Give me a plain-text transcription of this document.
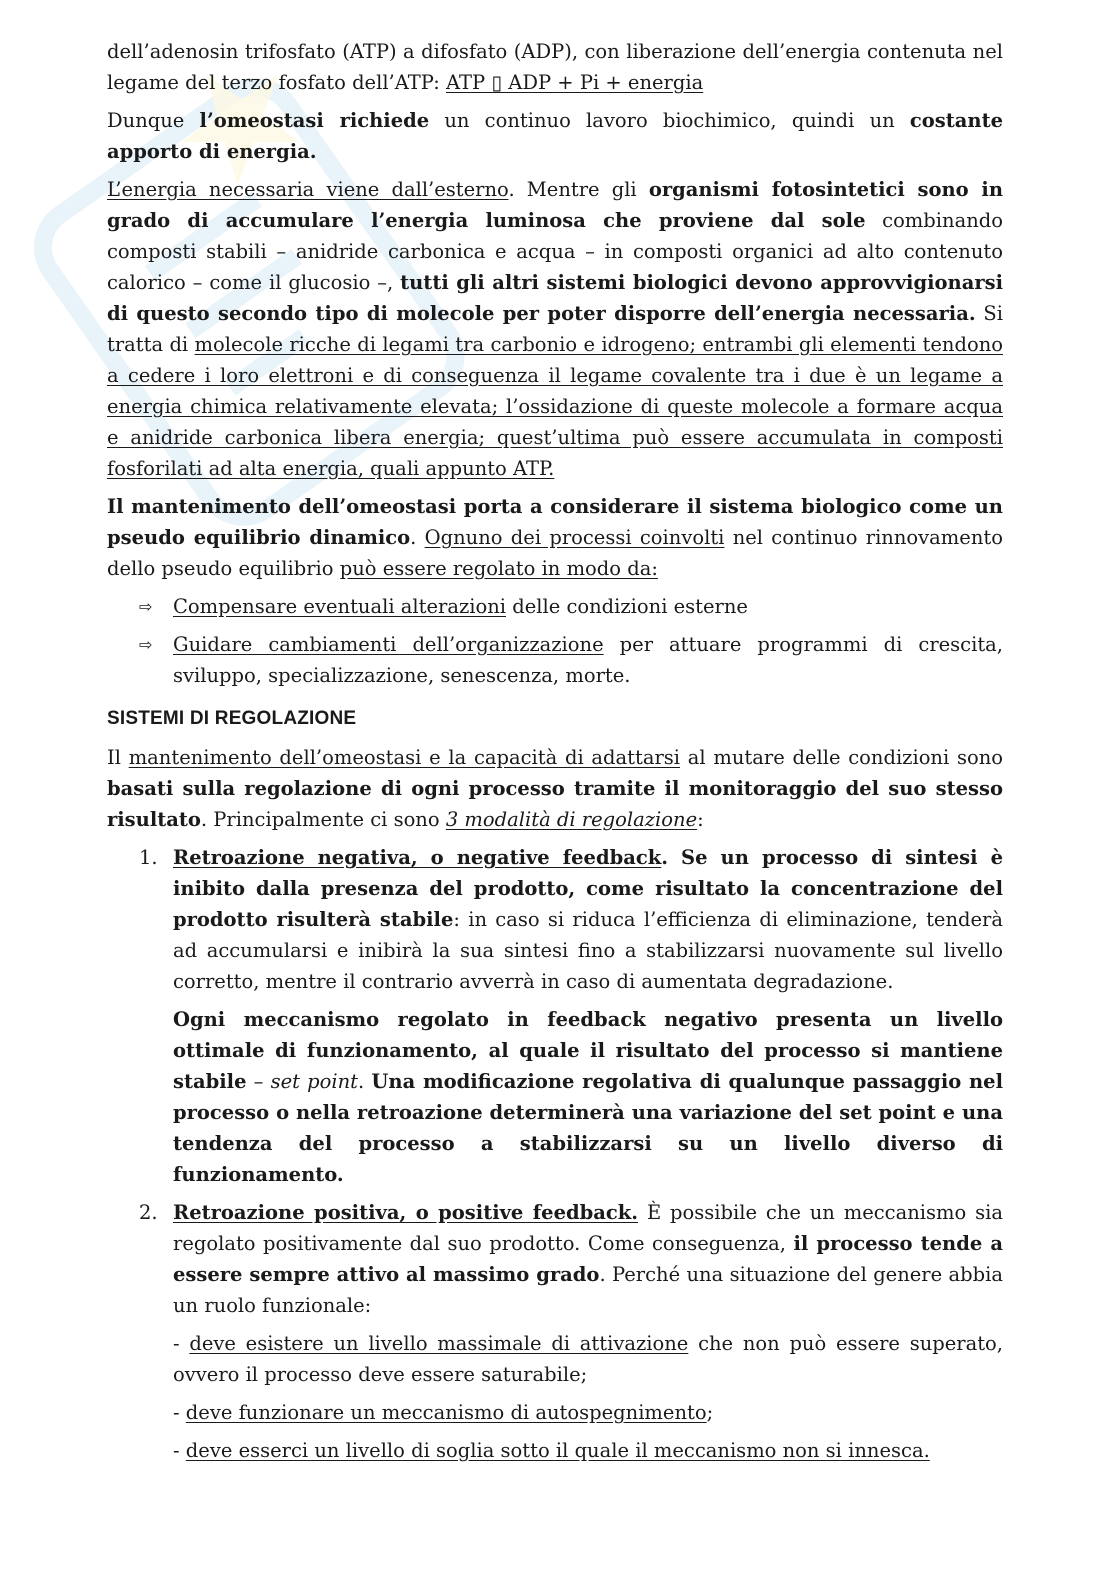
dell’adenosin trifosfato (ATP) a difosfato (ADP), con liberazione dell’energia contenuta nel legame del terzo fosfato dell’ATP: ATP ▯ ADP + Pi + energia

Dunque l’omeostasi richiede un continuo lavoro biochimico, quindi un costante apporto di energia.

L’energia necessaria viene dall’esterno. Mentre gli organismi fotosintetici sono in grado di accumulare l’energia luminosa che proviene dal sole combinando composti stabili – anidride carbonica e acqua – in composti organici ad alto contenuto calorico – come il glucosio –, tutti gli altri sistemi biologici devono approvvigionarsi di questo secondo tipo di molecole per poter disporre dell’energia necessaria. Si tratta di molecole ricche di legami tra carbonio e idrogeno; entrambi gli elementi tendono a cedere i loro elettroni e di conseguenza il legame covalente tra i due è un legame a energia chimica relativamente elevata; l’ossidazione di queste molecole a formare acqua e anidride carbonica libera energia; quest’ultima può essere accumulata in composti fosforilati ad alta energia, quali appunto ATP.

Il mantenimento dell’omeostasi porta a considerare il sistema biologico come un pseudo equilibrio dinamico. Ognuno dei processi coinvolti nel continuo rinnovamento dello pseudo equilibrio può essere regolato in modo da:

⇨ Compensare eventuali alterazioni delle condizioni esterne
⇨ Guidare cambiamenti dell’organizzazione per attuare programmi di crescita, sviluppo, specializzazione, senescenza, morte.
SISTEMI DI REGOLAZIONE

Il mantenimento dell’omeostasi e la capacità di adattarsi al mutare delle condizioni sono basati sulla regolazione di ogni processo tramite il monitoraggio del suo stesso risultato. Principalmente ci sono 3 modalità di regolazione:

1. Retroazione negativa, o negative feedback. Se un processo di sintesi è inibito dalla presenza del prodotto, come risultato la concentrazione del prodotto risulterà stabile: in caso si riduca l’efficienza di eliminazione, tenderà ad accumularsi e inibirà la sua sintesi fino a stabilizzarsi nuovamente sul livello corretto, mentre il contrario avverrà in caso di aumentata degradazione.

Ogni meccanismo regolato in feedback negativo presenta un livello ottimale di funzionamento, al quale il risultato del processo si mantiene stabile – set point. Una modificazione regolativa di qualunque passaggio nel processo o nella retroazione determinerà una variazione del set point e una tendenza del processo a stabilizzarsi su un livello diverso di funzionamento.

2. Retroazione positiva, o positive feedback. È possibile che un meccanismo sia regolato positivamente dal suo prodotto. Come conseguenza, il processo tende a essere sempre attivo al massimo grado. Perché una situazione del genere abbia un ruolo funzionale:

- deve esistere un livello massimale di attivazione che non può essere superato, ovvero il processo deve essere saturabile;

- deve funzionare un meccanismo di autospegnimento;

- deve esserci un livello di soglia sotto il quale il meccanismo non si innesca.
